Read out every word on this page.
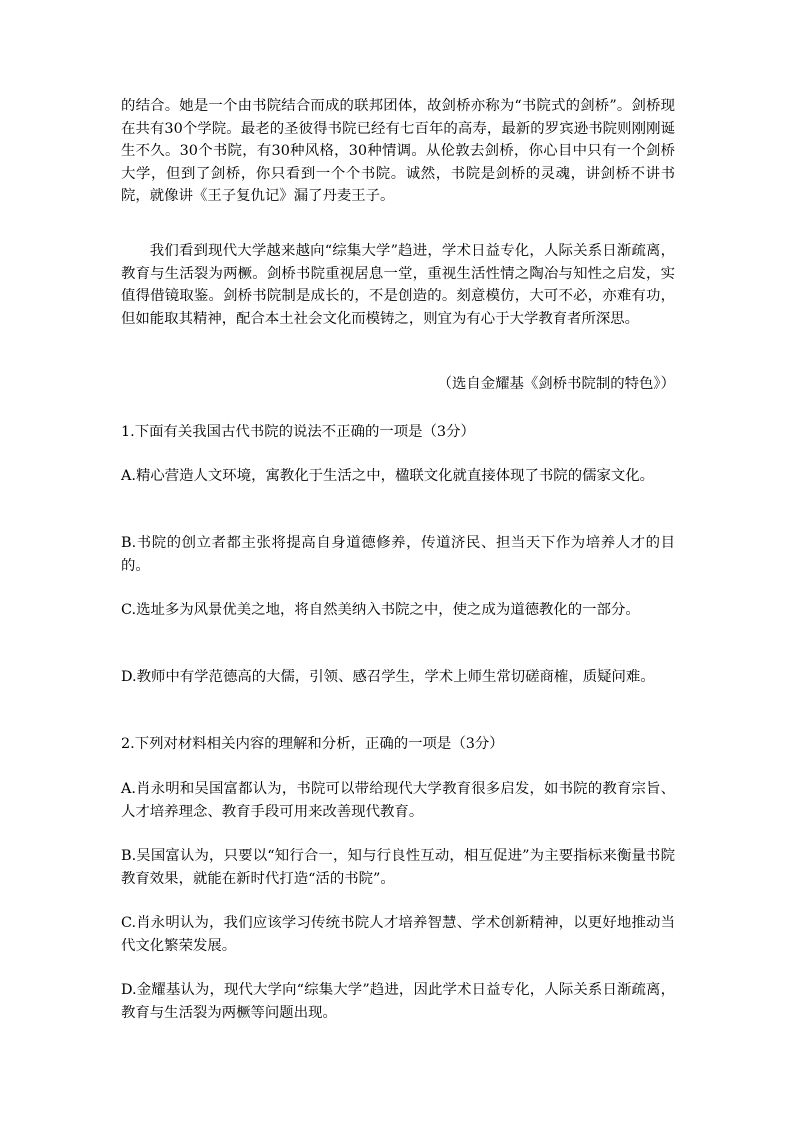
的结合。她是一个由书院结合而成的联邦团体，故剑桥亦称为“书院式的剑桥”。剑桥现在共有30个学院。最老的圣彼得书院已经有七百年的高寿，最新的罗宾逊书院则刚刚诞生不久。30个书院，有30种风格，30种情调。从伦敦去剑桥，你心目中只有一个剑桥大学，但到了剑桥，你只看到一个个书院。诚然，书院是剑桥的灵魂，讲剑桥不讲书院，就像讲《王子复仇记》漏了丹麦王子。

我们看到现代大学越来越向“综集大学”趋进，学术日益专化，人际关系日渐疏离，教育与生活裂为两橛。剑桥书院重视居息一堂，重视生活性情之陶冶与知性之启发，实值得借镜取鉴。剑桥书院制是成长的，不是创造的。刻意模仿，大可不必，亦难有功，但如能取其精神，配合本土社会文化而模铸之，则宜为有心于大学教育者所深思。

（选自金耀基《剑桥书院制的特色》）

1.下面有关我国古代书院的说法不正确的一项是（3分）

A.精心营造人文环境，寓教化于生活之中，楹联文化就直接体现了书院的儒家文化。

B.书院的创立者都主张将提高自身道德修养，传道济民、担当天下作为培养人才的目的。

C.选址多为风景优美之地，将自然美纳入书院之中，使之成为道德教化的一部分。

D.教师中有学范德高的大儒，引领、感召学生，学术上师生常切磋商榷，质疑问难。

2.下列对材料相关内容的理解和分析，正确的一项是（3分）

A.肖永明和吴国富都认为，书院可以带给现代大学教育很多启发，如书院的教育宗旨、人才培养理念、教育手段可用来改善现代教育。

B.吴国富认为，只要以“知行合一，知与行良性互动，相互促进”为主要指标来衡量书院教育效果，就能在新时代打造“活的书院”。

C.肖永明认为，我们应该学习传统书院人才培养智慧、学术创新精神，以更好地推动当代文化繁荣发展。

D.金耀基认为，现代大学向“综集大学”趋进，因此学术日益专化，人际关系日渐疏离，教育与生活裂为两橛等问题出现。
